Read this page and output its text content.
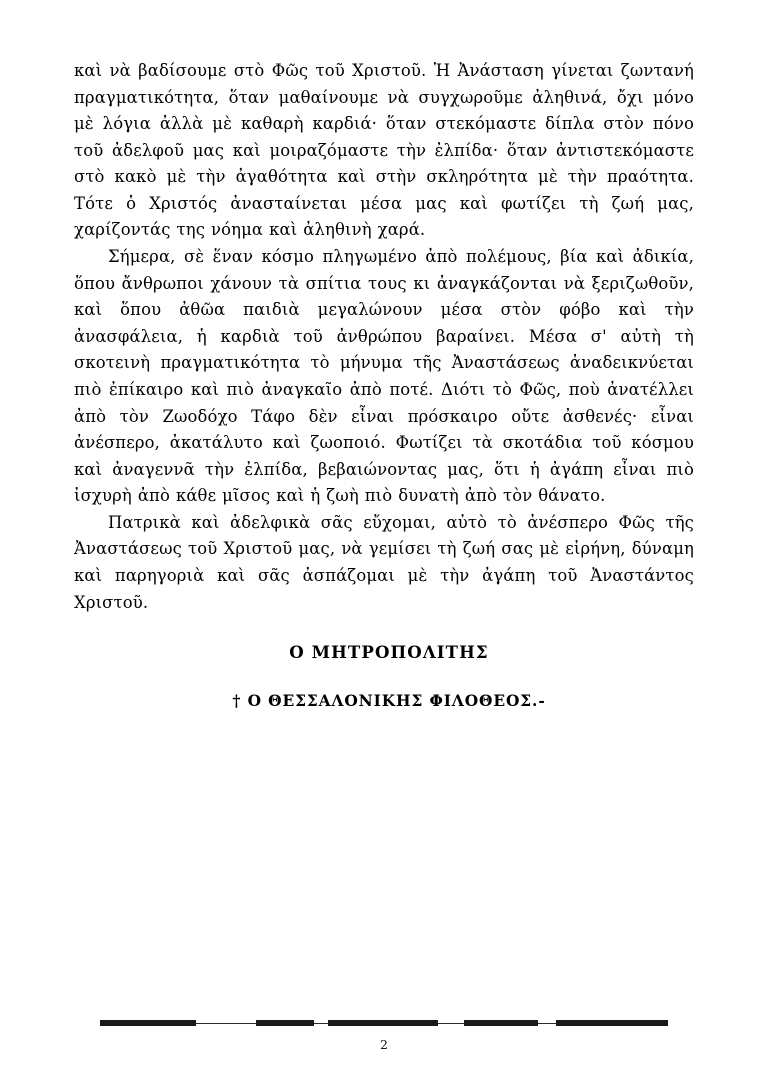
καὶ νὰ βαδίσουμε στὸ Φῶς τοῦ Χριστοῦ. Ἡ Ἀνάσταση γίνεται ζωντανή πραγματικότητα, ὅταν μαθαίνουμε νὰ συγχωροῦμε ἀληθινά, ὄχι μόνο μὲ λόγια ἀλλὰ μὲ καθαρὴ καρδιά· ὅταν στεκόμαστε δίπλα στὸν πόνο τοῦ ἀδελφοῦ μας καὶ μοιραζόμαστε τὴν ἐλπίδα· ὅταν ἀντιστεκόμαστε στὸ κακὸ μὲ τὴν ἀγαθότητα καὶ στὴν σκληρότητα μὲ τὴν πραότητα. Τότε ὁ Χριστός ἀνασταίνεται μέσα μας καὶ φωτίζει τὴ ζωή μας, χαρίζοντάς της νόημα καὶ ἀληθινὴ χαρά.

Σήμερα, σὲ ἕναν κόσμο πληγωμένο ἀπὸ πολέμους, βία καὶ ἀδικία, ὅπου ἄνθρωποι χάνουν τὰ σπίτια τους κι ἀναγκάζονται νὰ ξεριζωθοῦν, καὶ ὅπου ἀθῶα παιδιὰ μεγαλώνουν μέσα στὸν φόβο καὶ τὴν ἀνασφάλεια, ἡ καρδιὰ τοῦ ἀνθρώπου βαραίνει. Μέσα σ' αὐτὴ τὴ σκοτεινὴ πραγματικότητα τὸ μήνυμα τῆς Ἀναστάσεως ἀναδεικνύεται πιὸ ἐπίκαιρο καὶ πιὸ ἀναγκαῖο ἀπὸ ποτέ. Διότι τὸ Φῶς, ποὺ ἀνατέλλει ἀπὸ τὸν Ζωοδόχο Τάφο δὲν εἶναι πρόσκαιρο οὔτε ἀσθενές· εἶναι ἀνέσπερο, ἀκατάλυτο καὶ ζωοποιό. Φωτίζει τὰ σκοτάδια τοῦ κόσμου καὶ ἀναγεννᾶ τὴν ἐλπίδα, βεβαιώνοντας μας, ὅτι ἡ ἀγάπη εἶναι πιὸ ἰσχυρὴ ἀπὸ κάθε μῖσος καὶ ἡ ζωὴ πιὸ δυνατὴ ἀπὸ τὸν θάνατο.

Πατρικὰ καὶ ἀδελφικὰ σᾶς εὔχομαι, αὐτὸ τὸ ἀνέσπερο Φῶς τῆς Ἀναστάσεως τοῦ Χριστοῦ μας, νὰ γεμίσει τὴ ζωή σας μὲ εἰρήνη, δύναμη καὶ παρηγοριὰ καὶ σᾶς ἀσπάζομαι μὲ τὴν ἀγάπη τοῦ Ἀναστάντος Χριστοῦ.

Ο ΜΗΤΡΟΠΟΛΙΤΗΣ

† Ο ΘΕΣΣΑΛΟΝΙΚΗΣ ΦΙΛΟΘΕΟΣ.-

2
